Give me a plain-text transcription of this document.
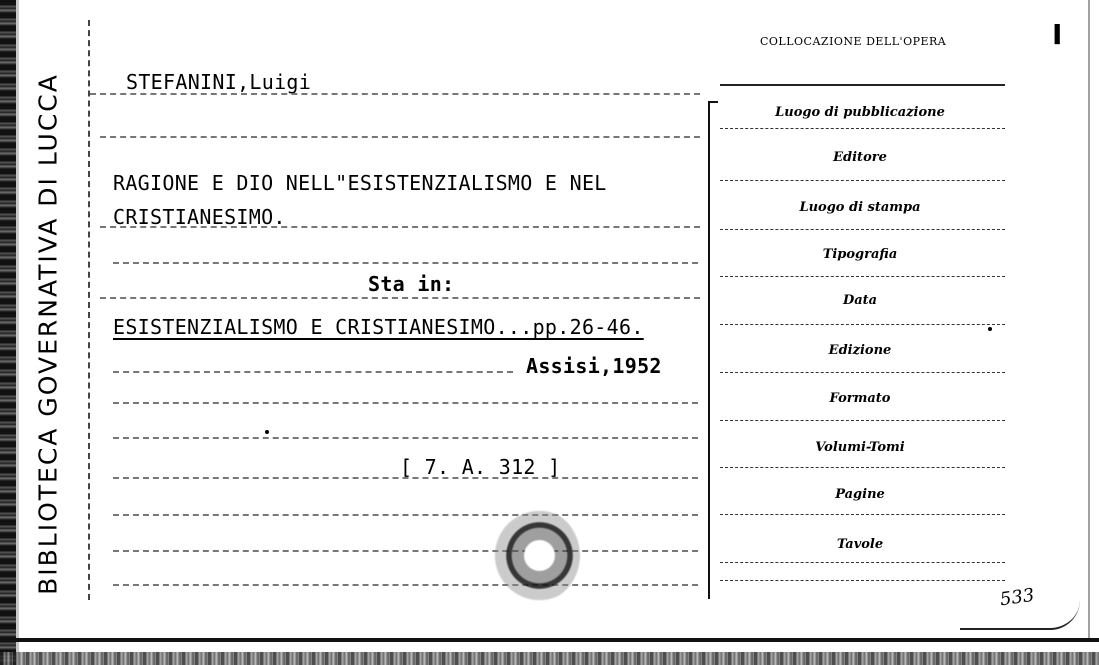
BIBLIOTECA GOVERNATIVA DI LUCCA	STEFANINI,Luigi
RAGIONE E DIO NELL"ESISTENZIALISMO E NEL
CRISTIANESIMO.
Sta in:
ESISTENZIALISMO E CRISTIANESIMO...pp.26-46.
Assisi,1952
[ 7. A. 312 ]
COLLOCAZIONE DELL'OPERA	I
Luogo di pubblicazione
Editore
Luogo di stampa
Tipografia
Data
Edizione
Formato
Volumi-Tomi
Pagine
Tavole
533
